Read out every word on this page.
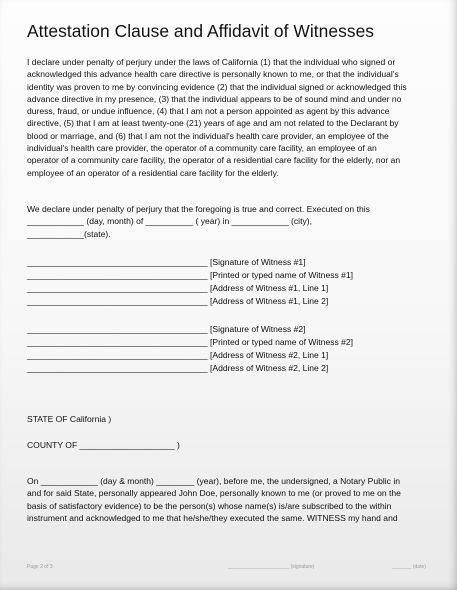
Attestation Clause and Affidavit of Witnesses
I declare under penalty of perjury under the laws of California (1) that the individual who signed or
acknowledged this advance health care directive is personally known to me, or that the individual's
identity was proven to me by convincing evidence (2) that the individual signed or acknowledged this
advance directive in my presence, (3) that the individual appears to be of sound mind and under no
duress, fraud, or undue influence, (4) that I am not a person appointed as agent by this advance
directive, (5) that I am at least twenty-one (21) years of age and am not related to the Declarant by
blood or marriage, and (6) that I am not the individual's health care provider, an employee of the
individual's health care provider, the operator of a community care facility, an employee of an
operator of a community care facility, the operator of a residential care facility for the elderly, nor an
employee of an operator of a residential care facility for the elderly.
We declare under penalty of perjury that the foregoing is true and correct. Executed on this
____________ (day, month) of __________ ( year) in ____________ (city),
____________(state).
______________________________________ [Signature of Witness #1]
______________________________________ [Printed or typed name of Witness #1]
______________________________________ [Address of Witness #1, Line 1]
______________________________________ [Address of Witness #1, Line 2]
______________________________________ [Signature of Witness #2]
______________________________________ [Printed or typed name of Witness #2]
______________________________________ [Address of Witness #2, Line 1]
______________________________________ [Address of Witness #2, Line 2]
STATE OF California )
COUNTY OF ____________________ )
On ____________ (day & month) ________ (year), before me, the undersigned, a Notary Public in
and for said State, personally appeared John Doe, personally known to me (or proved to me on the
basis of satisfactory evidence) to be the person(s) whose name(s) is/are subscribed to the within
instrument and acknowledged to me that he/she/they executed the same. WITNESS my hand and
Page 2 of 3	______________________ (signature)	_______ (date)
